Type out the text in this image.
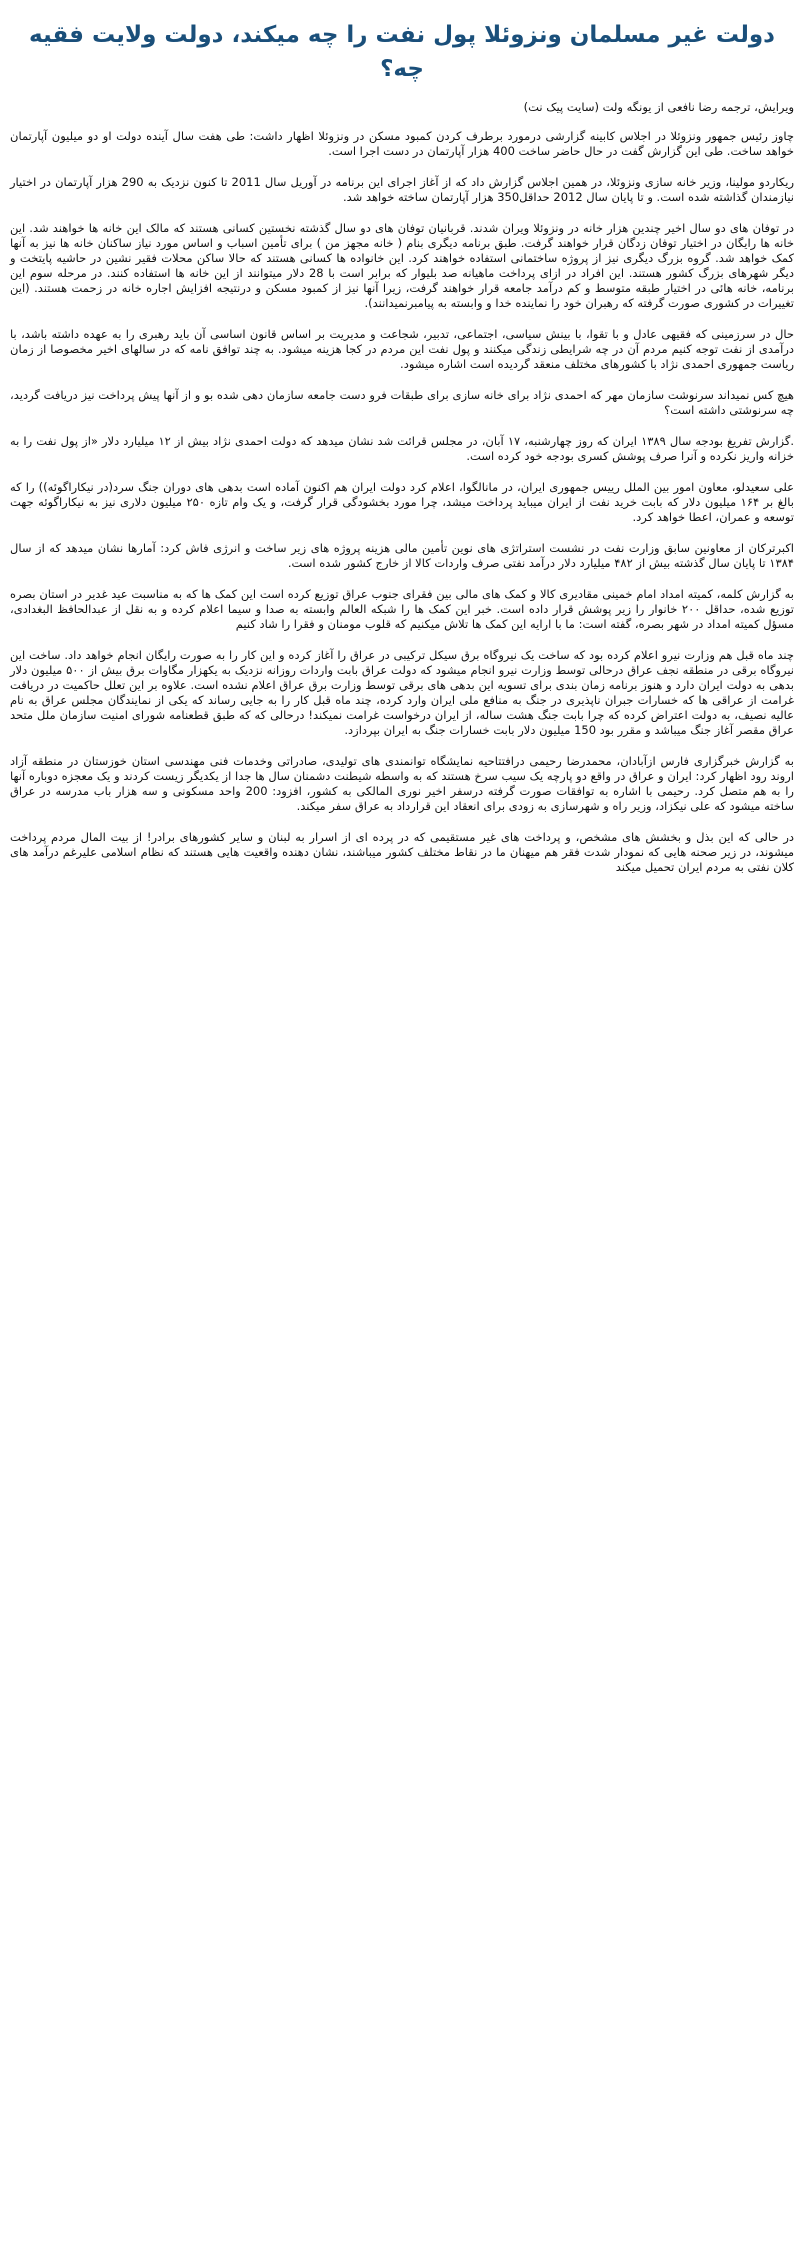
دولت غیر مسلمان ونزوئلا پول نفت را چه میکند، دولت ولایت فقیه چه؟
ویرایش، ترجمه رضا نافعی از یونگه ولت (سایت پیک نت)

چاوز رئیس جمهور ونزوئلا در اجلاس کابینه گزارشی درمورد برطرف کردن کمبود مسکن در ونزوئلا اظهار داشت: طی هفت سال آینده دولت او دو میلیون آپارتمان خواهد ساخت. طی این گزارش گفت در حال حاضر ساخت 400 هزار آپارتمان در دست اجرا است.

ریکاردو مولینا، وزیر خانه سازی ونزوئلا، در همین اجلاس گزارش داد که از آغاز اجرای این برنامه در آوریل سال 2011 تا کنون نزدیک به 290 هزار آپارتمان در اختیار نیازمندان گذاشته شده است. و تا پایان سال 2012 حداقل350 هزار آپارتمان ساخته خواهد شد.

در توفان های دو سال اخیر چندین هزار خانه در ونزوئلا ویران شدند. قربانیان توفان های دو سال گذشته نخستین کسانی هستند که مالک این خانه ها خواهند شد. این خانه ها رایگان در اختیار توفان زدگان قرار خواهند گرفت. طبق برنامه دیگری بنام ( خانه مجهز من ) برای تأمین اسباب و اساس مورد نیاز ساکنان خانه ها نیز به آنها کمک خواهد شد. گروه بزرگ دیگری نیز از پروژه ساختمانی استفاده خواهند کرد. این خانواده ها کسانی هستند که حالا ساکن محلات فقیر نشین در حاشیه پایتخت و دیگر شهرهای بزرگ کشور هستند. این افراد در ازای پرداخت ماهیانه صد بلیوار که برابر است با 28 دلار میتوانند از این خانه ها استفاده کنند. در مرحله سوم این برنامه، خانه هائی در اختیار طبقه متوسط و کم درآمد جامعه قرار خواهند گرفت، زیرا آنها نیز از کمبود مسکن و درنتیجه افزایش اجاره خانه در زحمت هستند. (این تغییرات در کشوری صورت گرفته که رهبران خود را نماینده خدا و وابسته به پیامبرنمیدانند).

حال در سرزمینی که فقیهی عادل و با تقوا، با بینش سیاسی، اجتماعی، تدبیر، شجاعت و مدیریت بر اساس قانون اساسی آن باید رهبری را به عهده داشته باشد، با درآمدی از نفت توجه کنیم مردم آن در چه شرایطی زندگی میکنند و پول نفت این مردم در کجا هزینه میشود. به چند توافق نامه که در سالهای اخیر مخصوصا از زمان ریاست جمهوری احمدی نژاد با کشورهای مختلف منعقد گردیده است اشاره میشود.

هیچ کس نمیداند سرنوشت سازمان مهر که احمدی نژاد برای خانه سازی برای طبقات فرو دست جامعه سازمان دهی شده بو و از آنها پیش پرداخت نیز دریافت گردید، چه سرنوشتی داشته است؟

.گزارش تفریغ بودجه سال ۱۳۸۹ ایران که روز چهارشنبه، ۱۷ آبان، در مجلس قرائت شد نشان میدهد که دولت احمدی نژاد بیش از ۱۲ میلیارد دلار «از پول نفت را به خزانه واریز نکرده و آنرا صرف پوشش کسری بودجه خود کرده است.

علی سعیدلو، معاون امور بین الملل رییس جمهوری ایران، در مانالگوا، اعلام کرد دولت ایران هم اکنون آماده است بدهی های دوران جنگ سرد(در نیکاراگوئه)) را که بالغ بر ۱۶۴ میلیون دلار که بابت خرید نفت از ایران میباید پرداخت میشد، چرا مورد بخشودگی قرار گرفت، و یک وام تازه ۲۵۰ میلیون دلاری نیز به نیکاراگوئه جهت توسعه و عمران، اعطا خواهد کرد.

اکبرترکان از معاونین سابق وزارت نفت در نشست استراتژی های نوین تأمین مالی هزینه پروژه های زیر ساخت و انرژی فاش کرد: آمارها نشان میدهد که از سال ۱۳۸۴ تا پایان سال گذشته بیش از ۴۸۲ میلیارد دلار درآمد نفتی صرف واردات کالا از خارج کشور شده است.

به گزارش کلمه، کمیته امداد امام خمینی مقادیری کالا و کمک های مالی بین فقرای جنوب عراق توزیع کرده است این کمک ها که به مناسبت عید غدیر در استان بصره توزیع شده، حداقل ۲۰۰ خانوار را زیر پوشش قرار داده است. خبر این کمک ها را شبکه العالم وابسته به صدا و سیما اعلام کرده و به نقل از عبدالحافظ البغدادی، مسؤل کمیته امداد در شهر بصره، گفته است: ما با ارایه این کمک ها تلاش میکنیم که قلوب مومنان و فقرا را شاد کنیم

چند ماه قبل هم وزارت نیرو اعلام کرده بود که ساخت یک نیروگاه برق سیکل ترکیبی در عراق را آغاز کرده و این کار را به صورت رایگان انجام خواهد داد. ساخت این نیروگاه برقی در منطقه نجف عراق درحالی توسط وزارت نیرو انجام میشود که دولت عراق بابت واردات روزانه نزدیک به یکهزار مگاوات برق بیش از ۵۰۰ میلیون دلار بدهی به دولت ایران دارد و هنوز برنامه زمان بندی برای تسویه این بدهی های برقی توسط وزارت برق عراق اعلام نشده است. علاوه بر این تعلل حاکمیت در دریافت غرامت از عراقی ها که خسارات جبران ناپذیری در جنگ به منافع ملی ایران وارد کرده، چند ماه قبل کار را به جایی رساند که یکی از نمایندگان مجلس عراق به نام عالیه نصیف، به دولت اعتراض کرده که چرا بابت جنگ هشت ساله، از ایران درخواست غرامت نمیکند! درحالی که که طبق قطعنامه شورای امنیت سازمان ملل متحد عراق مقصر آغاز جنگ میباشد و مقرر بود 150 میلیون دلار بابت خسارات جنگ به ایران بپردازد.

به گزارش خبرگزاری فارس ازآبادان، محمدرضا رحیمی درافتتاحیه نمایشگاه توانمندی های تولیدی، صادراتی وخدمات فنی مهندسی استان خوزستان در منطقه آزاد اروند رود اظهار کرد: ایران و عراق در واقع دو پارچه یک سیب سرخ هستند که به واسطه شیطنت دشمنان سال ها جدا از یکدیگر زیست کردند و یک معجزه دوباره آنها را به هم متصل کرد. رحیمی با اشاره به توافقات صورت گرفته درسفر اخیر نوری المالکی به کشور، افزود: 200 واحد مسکونی و سه هزار باب مدرسه در عراق ساخته میشود که علی نیکزاد، وزیر راه و شهرسازی به زودی برای انعقاد این قرارداد به عراق سفر میکند.

در حالی که این بذل و بخشش های مشخص، و پرداخت های غیر مستقیمی که در پرده ای از اسرار به لبنان و سایر کشورهای برادر! از بیت المال مردم پرداخت میشوند، در زیر صحنه هایی که نمودار شدت فقر هم میهنان ما در نقاط مختلف کشور میباشند، نشان دهنده واقعیت هایی هستند که نظام اسلامی علیرغم درآمد های کلان نفتی به مردم ایران تحمیل میکند
